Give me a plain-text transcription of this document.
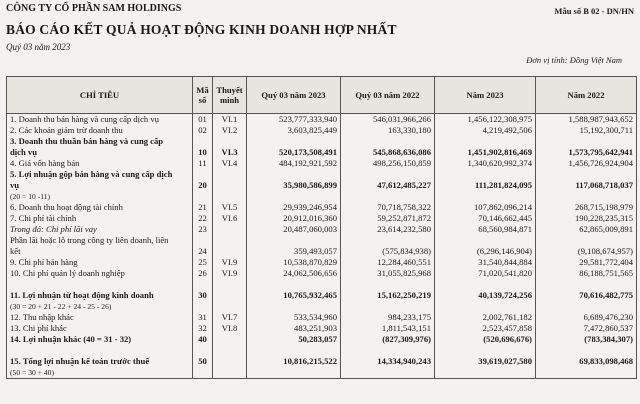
CÔNG TY CỔ PHẦN SAM HOLDINGS	Mẫu số B 02 - DN/HN
BÁO CÁO KẾT QUẢ HOẠT ĐỘNG KINH DOANH HỢP NHẤT
Quý 03 năm 2023
Đơn vị tính: Đồng Việt Nam
CHỈ TIÊU	Mã số	Thuyết minh	Quý 03 năm 2023	Quý 03 năm 2022	Năm 2023	Năm 2022
1. Doanh thu bán hàng và cung cấp dịch vụ	01	VI.1	523,777,333,940	546,031,966,266	1,456,122,308,975	1,588,987,943,652
2. Các khoản giảm trừ doanh thu	02	VI.2	3,603,825,449	163,330,180	4,219,492,506	15,192,300,711
3. Doanh thu thuần bán hàng và cung cấp						
dịch vụ	10	VI.3	520,173,508,491	545,868,636,086	1,451,902,816,469	1,573,795,642,941
4. Giá vốn hàng bán	11	VI.4	484,192,921,592	498,256,150,859	1,340,620,992,374	1,456,726,924,904
5. Lợi nhuận gộp bán hàng và cung cấp dịch						
vụ	20		35,980,586,899	47,612,485,227	111,281,824,095	117,068,718,037
(20 = 10 -11)						
6. Doanh thu hoạt động tài chính	21	VI.5	29,939,246,954	70,718,758,322	107,862,096,214	268,715,198,979
7. Chi phí tài chính	22	VI.6	20,912,016,360	59,252,871,872	70,146,662,445	190,228,235,315
Trong đó: Chi phí lãi vay	23		20,487,060,003	23,614,232,580	68,560,984,871	62,865,009,891
Phần lãi hoặc lỗ trong công ty liên doanh, liên						
kết	24		359,493,057	(575,834,938)	(6,296,146,904)	(9,108,674,957)
9. Chi phí bán hàng	25	VI.9	10,538,870,829	12,284,460,551	31,540,844,884	29,581,772,404
10. Chi phí quản lý doanh nghiệp	26	VI.9	24,062,506,656	31,055,825,968	71,020,541,820	86,188,751,565

11. Lợi nhuận từ hoạt động kinh doanh	30		10,765,932,465	15,162,250,219	40,139,724,256	70,616,482,775
(30 = 20 + 21 - 22 + 24 - 25 - 26)						
12. Thu nhập khác	31	VI.7	533,534,960	984,233,175	2,002,761,182	6,689,476,230
13. Chi phí khác	32	VI.8	483,251,903	1,811,543,151	2,523,457,858	7,472,860,537
14. Lợi nhuận khác (40 = 31 - 32)	40		50,283,057	(827,309,976)	(520,696,676)	(783,384,307)

15. Tổng lợi nhuận kế toán trước thuế	50		10,816,215,522	14,334,940,243	39,619,027,580	69,833,098,468
(50 = 30 + 40)						
